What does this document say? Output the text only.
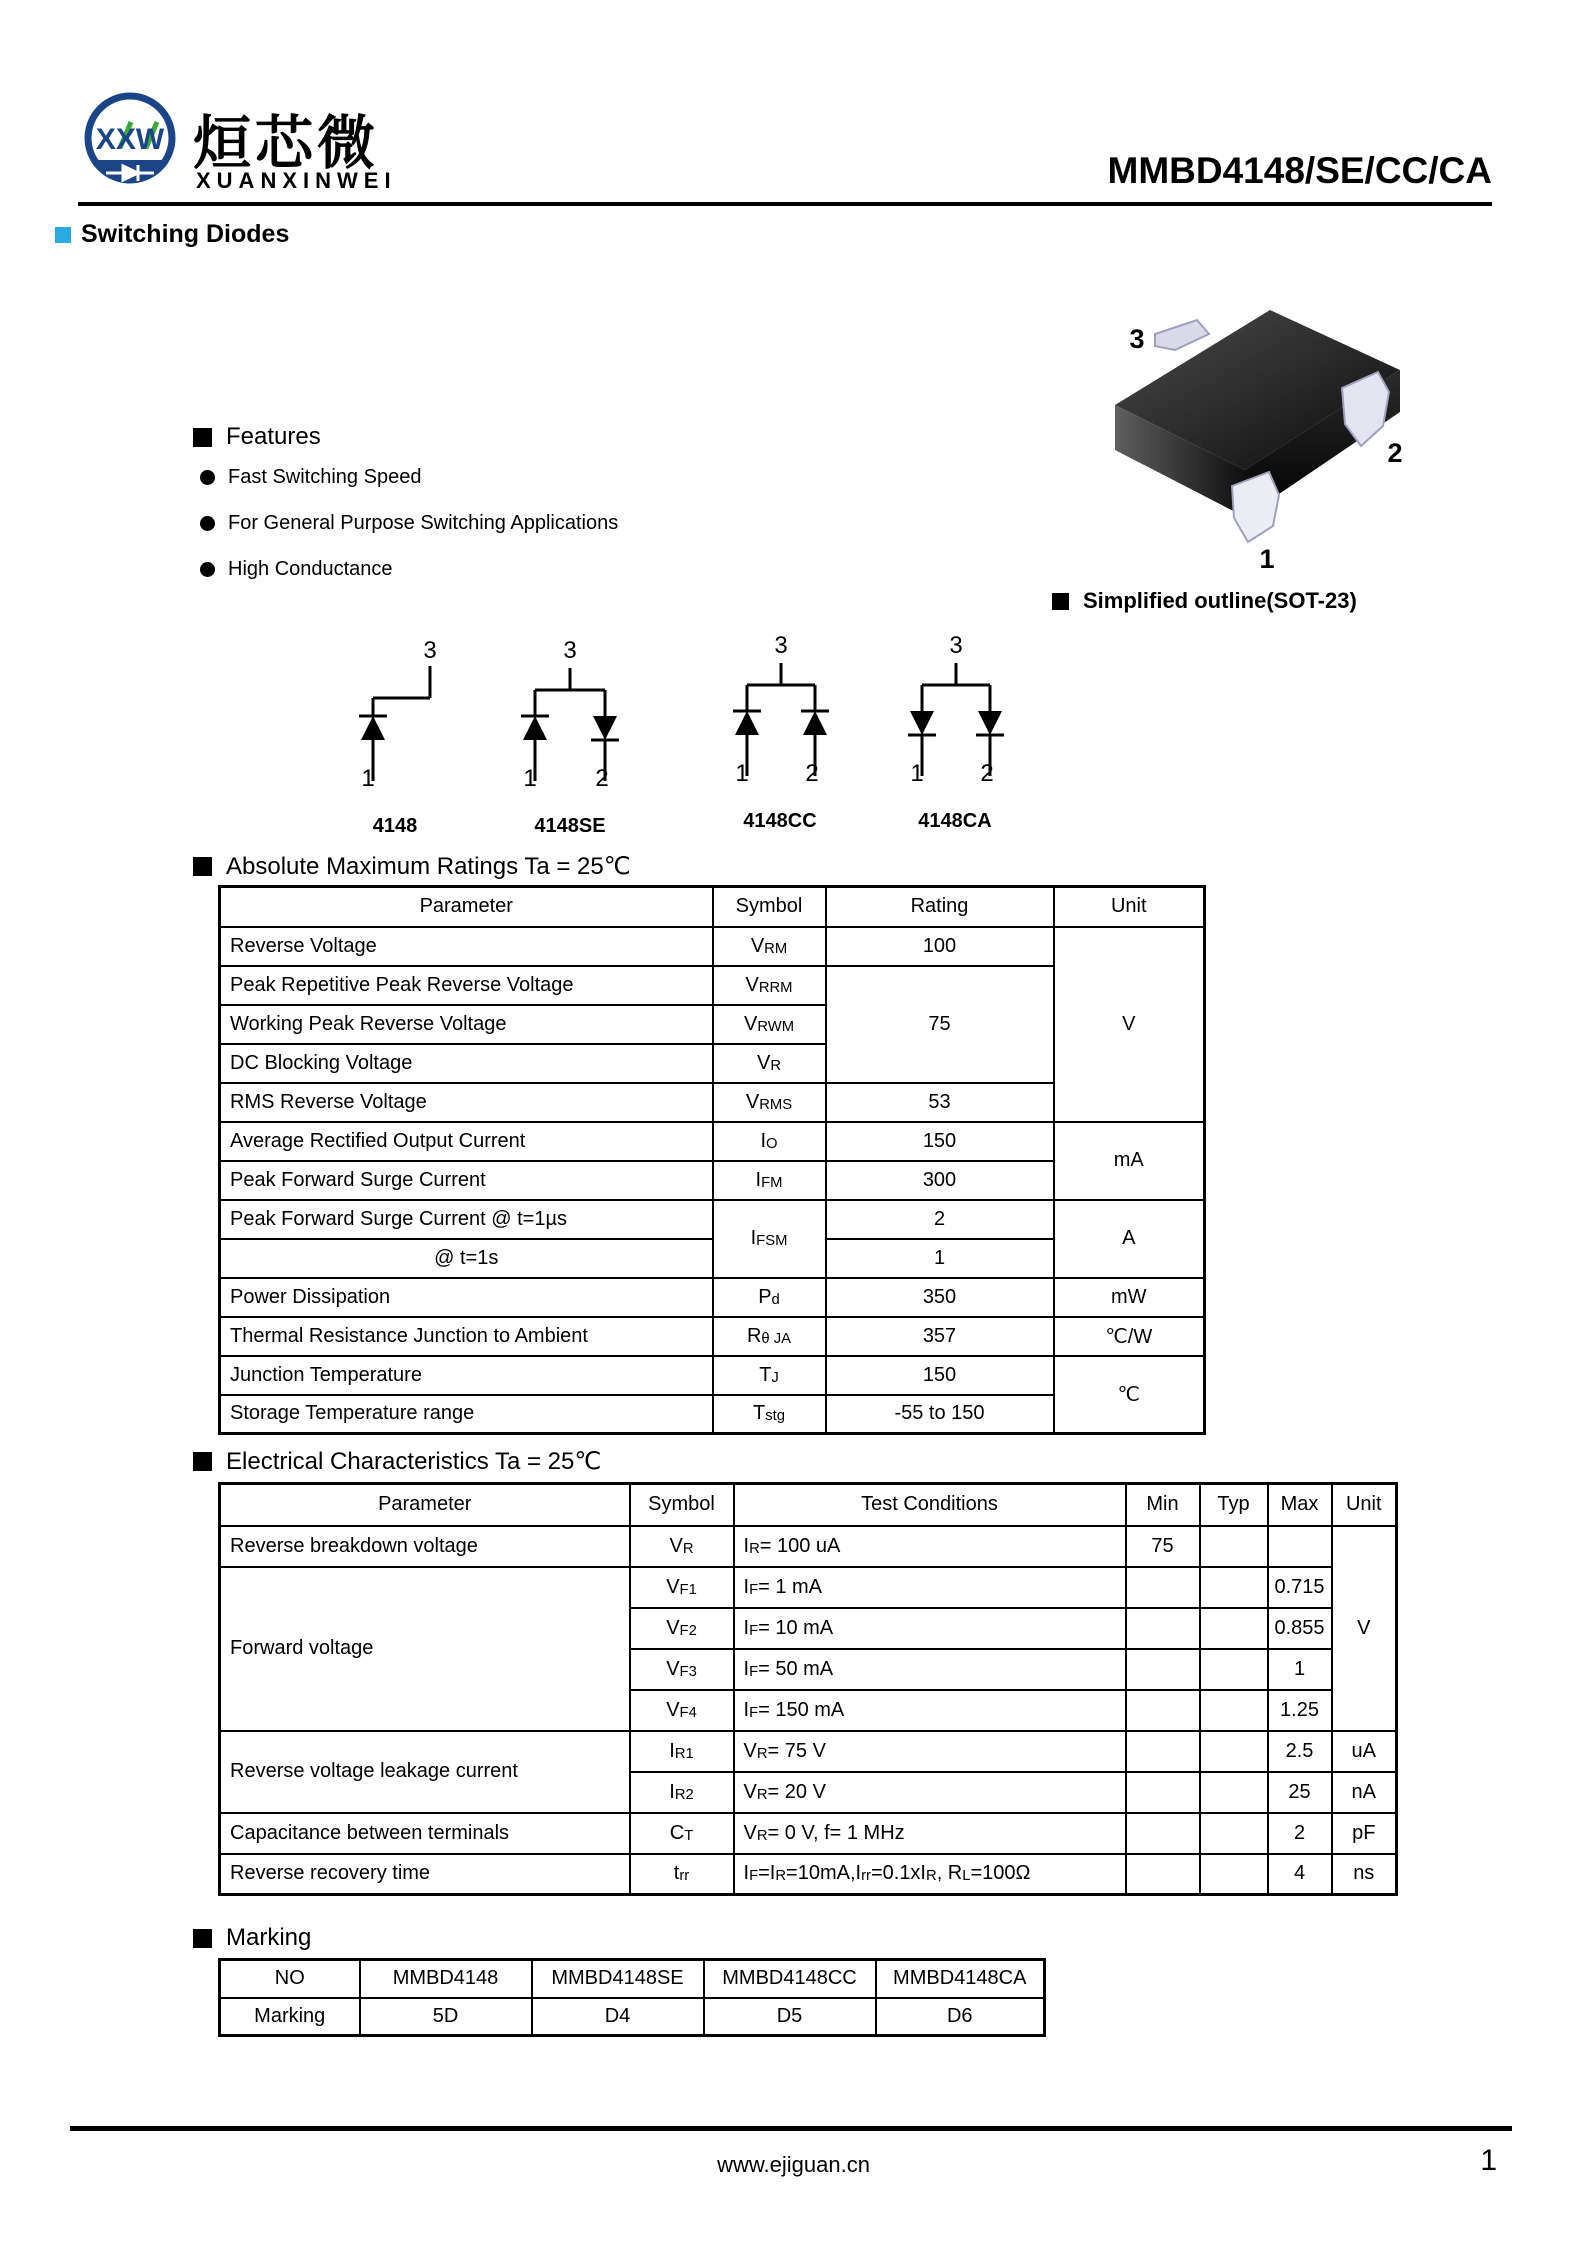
XXW 烜芯微
XUANXINWEI	MMBD4148/SE/CC/CA
Switching Diodes
Features
Fast Switching Speed
For General Purpose Switching Applications
High Conductance
3
2
1
Simplified outline(SOT-23)
3
1
4148
3
1 2
4148SE
3
1 2
4148CC
3
1 2
4148CA
Absolute Maximum Ratings Ta = 25℃
Parameter	Symbol	Rating	Unit
Reverse Voltage	$V_{RM}$	100	V
Peak Repetitive Peak Reverse Voltage	$V_{RRM}$	75	
Working Peak Reverse Voltage	$V_{RWM}$
DC Blocking Voltage	$V_R$
RMS Reverse Voltage	$V_{RMS}$	53	
Average Rectified Output Current	$I_O$	150	mA
Peak Forward Surge Current	$I_{FM}$	300	
Peak Forward Surge Current @ t=1µs	$I_{FSM}$	2	A
@ t=1s		1	
Power Dissipation	$P_d$	350	mW
Thermal Resistance Junction to Ambient	$R_{\theta JA}$	357	℃/W
Junction Temperature	$T_J$	150	℃
Storage Temperature range	$T_{stg}$	-55 to 150	
Electrical Characteristics Ta = 25℃
Parameter	Symbol	Test Conditions	Min	Typ	Max	Unit
Reverse breakdown voltage	$V_R$	$I_R= 100$ uA	75			V
Forward voltage	$V_{F1}$	$I_F= 1$ mA			0.715	
	$V_{F2}$	$I_F= 10$ mA			0.855	
	$V_{F3}$	$I_F= 50$ mA			1	
	$V_{F4}$	$I_F= 150$ mA			1.25	
Reverse voltage leakage current	$I_{R1}$	$V_R= 75$ V			2.5	uA
	$I_{R2}$	$V_R= 20$ V			25	nA
Capacitance between terminals	$C_T$	$V_R= 0$ V, f= 1 MHz			2	pF
Reverse recovery time	$t_{rr}$	$I_F=I_R=10mA,I_{rr}=0.1xI_R$, $R_L=100\Omega$			4	ns
Marking
NO	MMBD4148	MMBD4148SE	MMBD4148CC	MMBD4148CA
Marking	5D	D4	D5	D6
www.ejiguan.cn	1
